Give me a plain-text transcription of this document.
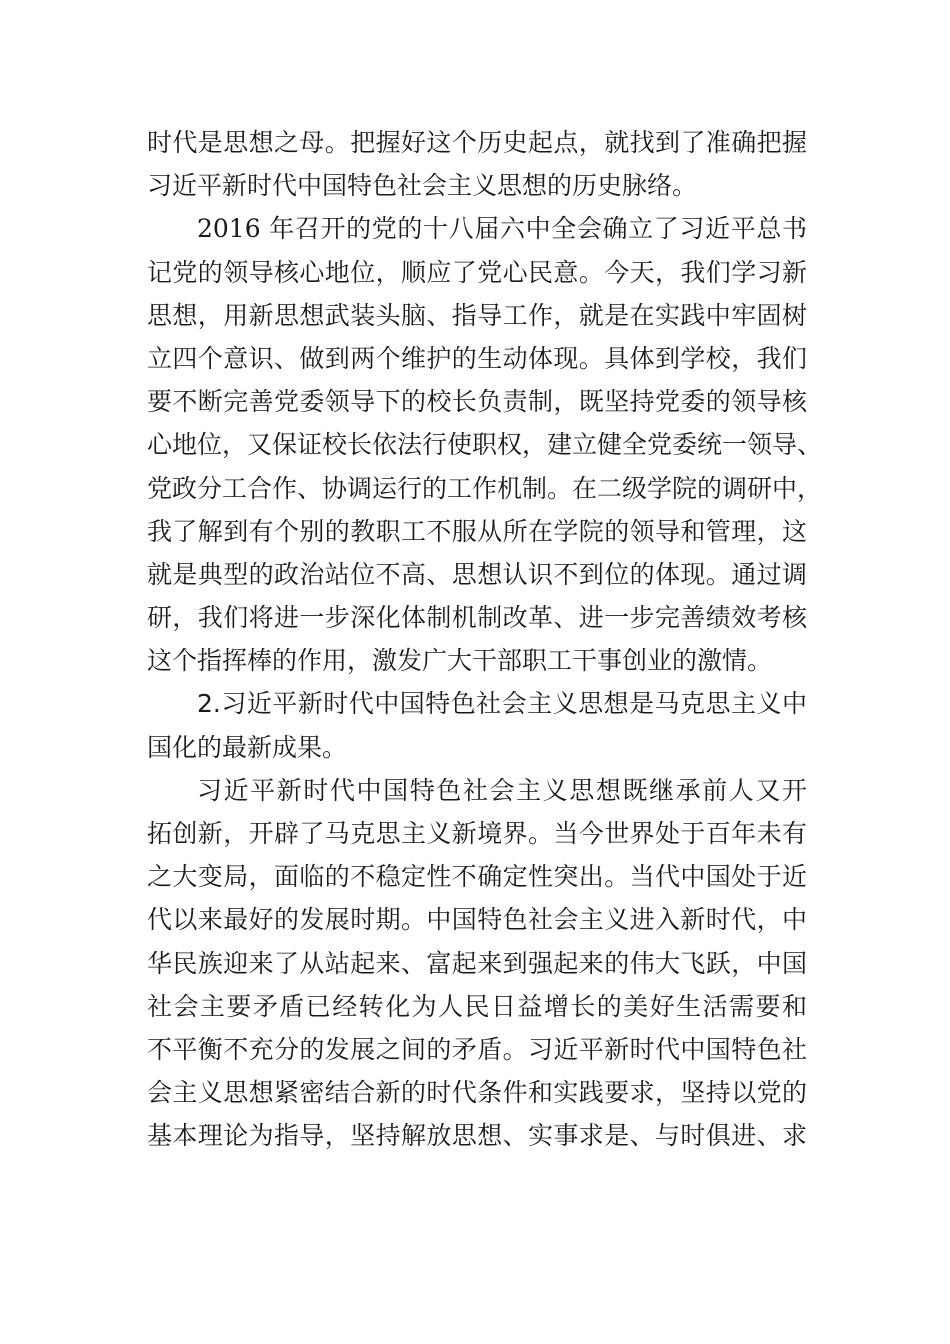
时代是思想之母。把握好这个历史起点，就找到了准确把握
习近平新时代中国特色社会主义思想的历史脉络。
2016 年召开的党的十八届六中全会确立了习近平总书
记党的领导核心地位，顺应了党心民意。今天，我们学习新
思想，用新思想武装头脑、指导工作，就是在实践中牢固树
立四个意识、做到两个维护的生动体现。具体到学校，我们
要不断完善党委领导下的校长负责制，既坚持党委的领导核
心地位，又保证校长依法行使职权，建立健全党委统一领导、
党政分工合作、协调运行的工作机制。在二级学院的调研中，
我了解到有个别的教职工不服从所在学院的领导和管理，这
就是典型的政治站位不高、思想认识不到位的体现。通过调
研，我们将进一步深化体制机制改革、进一步完善绩效考核
这个指挥棒的作用，激发广大干部职工干事创业的激情。
2.习近平新时代中国特色社会主义思想是马克思主义中
国化的最新成果。
习近平新时代中国特色社会主义思想既继承前人又开
拓创新，开辟了马克思主义新境界。当今世界处于百年未有
之大变局，面临的不稳定性不确定性突出。当代中国处于近
代以来最好的发展时期。中国特色社会主义进入新时代，中
华民族迎来了从站起来、富起来到强起来的伟大飞跃，中国
社会主要矛盾已经转化为人民日益增长的美好生活需要和
不平衡不充分的发展之间的矛盾。习近平新时代中国特色社
会主义思想紧密结合新的时代条件和实践要求，坚持以党的
基本理论为指导，坚持解放思想、实事求是、与时俱进、求
